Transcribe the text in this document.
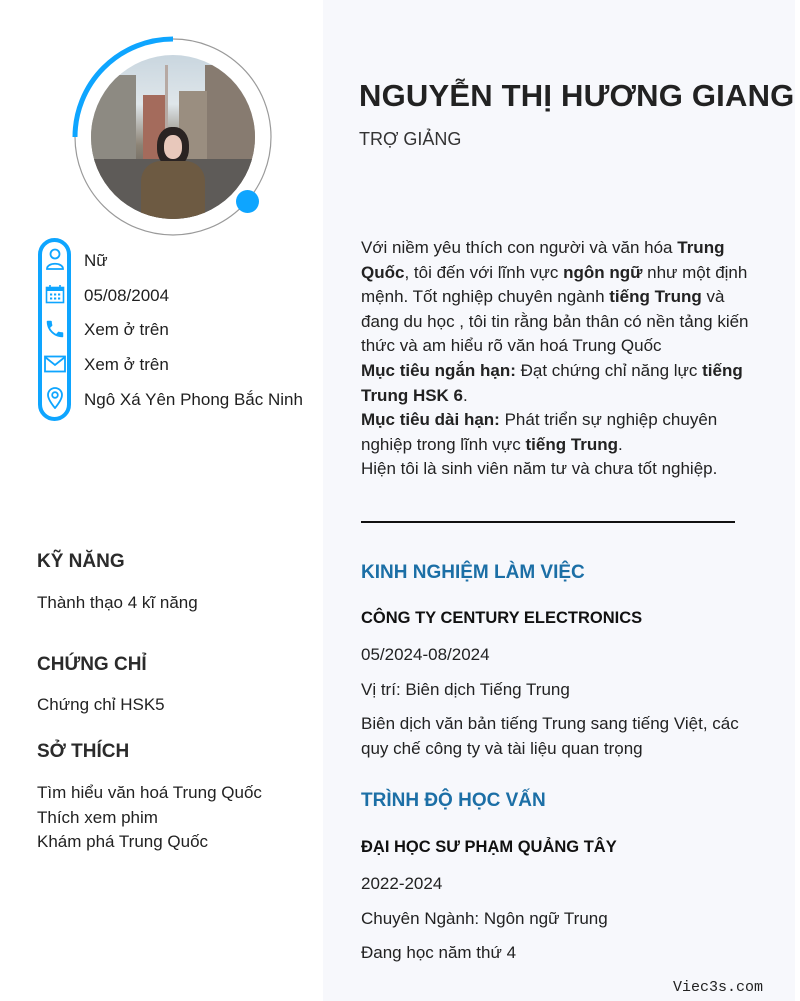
Nữ
05/08/2004
Xem ở trên
Xem ở trên
Ngô Xá Yên Phong Bắc Ninh
KỸ NĂNG
Thành thạo 4 kĩ năng
CHỨNG CHỈ
Chứng chỉ HSK5
SỞ THÍCH
Tìm hiểu văn hoá Trung Quốc
Thích xem phim
Khám phá Trung Quốc
NGUYỄN THỊ HƯƠNG GIANG
TRỢ GIẢNG
Với niềm yêu thích con người và văn hóa Trung Quốc, tôi đến với lĩnh vực ngôn ngữ như một định mệnh. Tốt nghiệp chuyên ngành tiếng Trung và đang du học , tôi tin rằng bản thân có nền tảng kiến thức và am hiểu rõ văn hoá Trung Quốc
Mục tiêu ngắn hạn: Đạt chứng chỉ năng lực tiếng Trung HSK 6.
Mục tiêu dài hạn: Phát triển sự nghiệp chuyên nghiệp trong lĩnh vực tiếng Trung.
Hiện tôi là sinh viên năm tư và chưa tốt nghiệp.
KINH NGHIỆM LÀM VIỆC
CÔNG TY CENTURY ELECTRONICS
05/2024-08/2024
Vị trí: Biên dịch Tiếng Trung
Biên dịch văn bản tiếng Trung sang tiếng Việt, các quy chế công ty và tài liệu quan trọng
TRÌNH ĐỘ HỌC VẤN
ĐẠI HỌC SƯ PHẠM QUẢNG TÂY
2022-2024
Chuyên Ngành: Ngôn ngữ Trung
Đang học năm thứ 4
Viec3s.com
